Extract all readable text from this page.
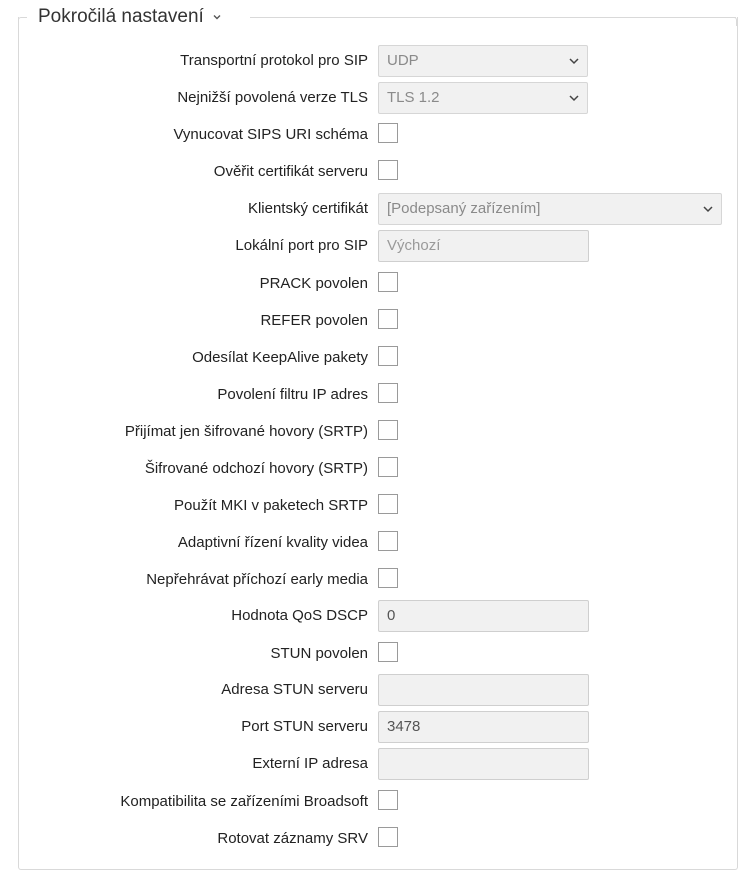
Pokročilá nastavení
Transportní protokol pro SIP	UDP
Nejnižší povolená verze TLS	TLS 1.2
Vynucovat SIPS URI schéma
Ověřit certifikát serveru
Klientský certifikát	[Podepsaný zařízením]
Lokální port pro SIP	Výchozí
PRACK povolen
REFER povolen
Odesílat KeepAlive pakety
Povolení filtru IP adres
Přijímat jen šifrované hovory (SRTP)
Šifrované odchozí hovory (SRTP)
Použít MKI v paketech SRTP
Adaptivní řízení kvality videa
Nepřehrávat příchozí early media
Hodnota QoS DSCP	0
STUN povolen
Adresa STUN serveru
Port STUN serveru	3478
Externí IP adresa
Kompatibilita se zařízeními Broadsoft
Rotovat záznamy SRV
